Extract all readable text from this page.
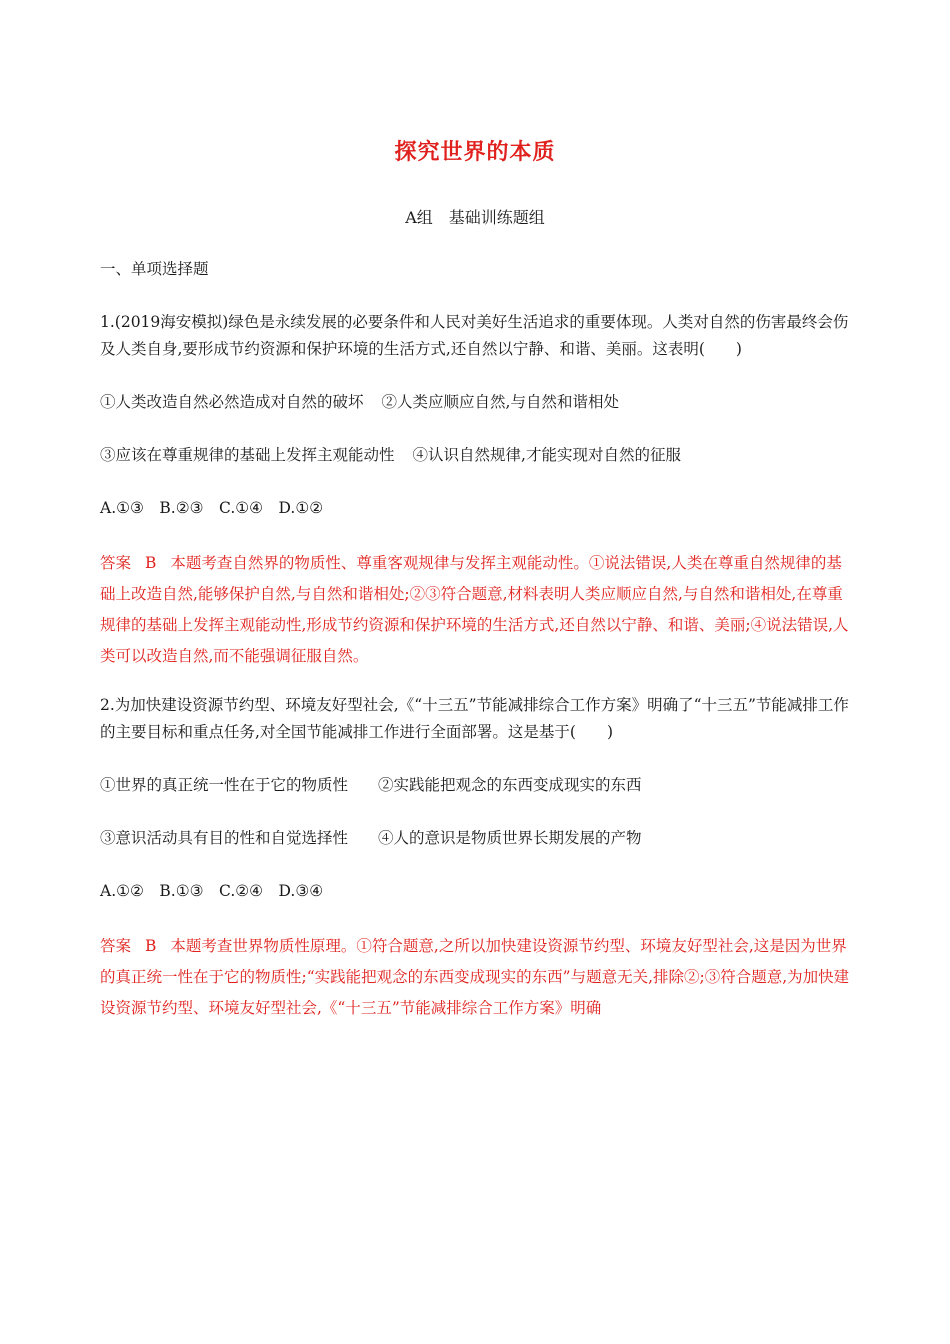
探究世界的本质
A组　基础训练题组

一、单项选择题

1.(2019海安模拟)绿色是永续发展的必要条件和人民对美好生活追求的重要体现。人类对自然的伤害最终会伤及人类自身,要形成节约资源和保护环境的生活方式,还自然以宁静、和谐、美丽。这表明(　　)

①人类改造自然必然造成对自然的破坏 ②人类应顺应自然,与自然和谐相处

③应该在尊重规律的基础上发挥主观能动性 ④认识自然规律,才能实现对自然的征服

A.①③　B.②③　C.①④　D.①②

答案 B 本题考查自然界的物质性、尊重客观规律与发挥主观能动性。①说法错误,人类在尊重自然规律的基础上改造自然,能够保护自然,与自然和谐相处;②③符合题意,材料表明人类应顺应自然,与自然和谐相处,在尊重规律的基础上发挥主观能动性,形成节约资源和保护环境的生活方式,还自然以宁静、和谐、美丽;④说法错误,人类可以改造自然,而不能强调征服自然。

2.为加快建设资源节约型、环境友好型社会,《“十三五”节能减排综合工作方案》明确了“十三五”节能减排工作的主要目标和重点任务,对全国节能减排工作进行全面部署。这是基于(　　)

①世界的真正统一性在于它的物质性 ②实践能把观念的东西变成现实的东西

③意识活动具有目的性和自觉选择性 ④人的意识是物质世界长期发展的产物

A.①②　B.①③　C.②④　D.③④

答案 B 本题考查世界物质性原理。①符合题意,之所以加快建设资源节约型、环境友好型社会,这是因为世界的真正统一性在于它的物质性;“实践能把观念的东西变成现实的东西”与题意无关,排除②;③符合题意,为加快建设资源节约型、环境友好型社会,《“十三五”节能减排综合工作方案》明确
